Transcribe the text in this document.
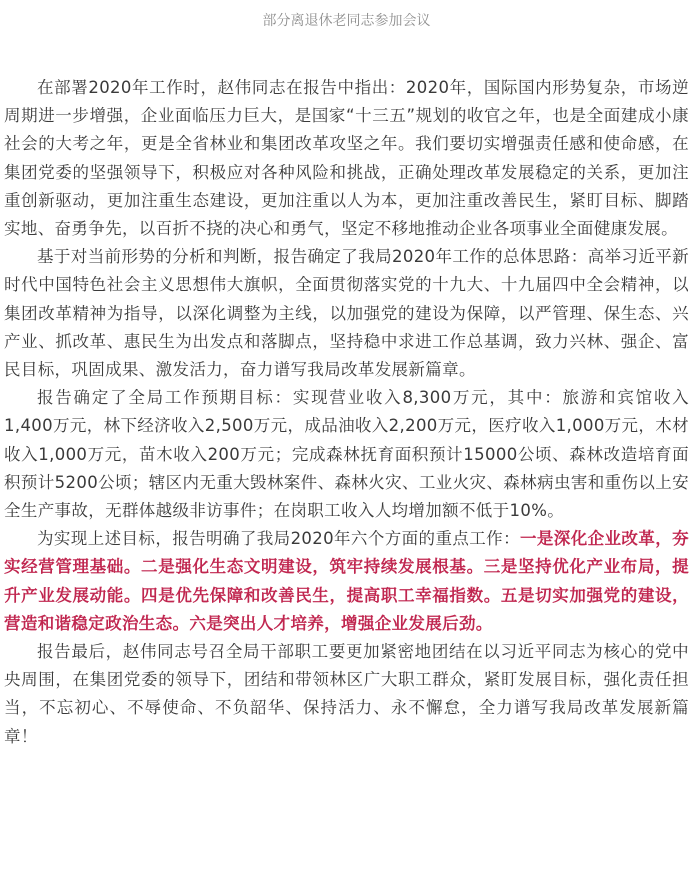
部分离退休老同志参加会议

在部署2020年工作时，赵伟同志在报告中指出：2020年，国际国内形势复杂，市场逆周期进一步增强，企业面临压力巨大，是国家“十三五”规划的收官之年，也是全面建成小康社会的大考之年，更是全省林业和集团改革攻坚之年。我们要切实增强责任感和使命感，在集团党委的坚强领导下，积极应对各种风险和挑战，正确处理改革发展稳定的关系，更加注重创新驱动，更加注重生态建设，更加注重以人为本，更加注重改善民生，紧盯目标、脚踏实地、奋勇争先，以百折不挠的决心和勇气，坚定不移地推动企业各项事业全面健康发展。

基于对当前形势的分析和判断，报告确定了我局2020年工作的总体思路：高举习近平新时代中国特色社会主义思想伟大旗帜，全面贯彻落实党的十九大、十九届四中全会精神，以集团改革精神为指导，以深化调整为主线，以加强党的建设为保障，以严管理、保生态、兴产业、抓改革、惠民生为出发点和落脚点，坚持稳中求进工作总基调，致力兴林、强企、富民目标，巩固成果、激发活力，奋力谱写我局改革发展新篇章。

报告确定了全局工作预期目标：实现营业收入8,300万元，其中：旅游和宾馆收入1,400万元，林下经济收入2,500万元，成品油收入2,200万元，医疗收入1,000万元，木材收入1,000万元，苗木收入200万元；完成森林抚育面积预计15000公顷、森林改造培育面积预计5200公顷；辖区内无重大毁林案件、森林火灾、工业火灾、森林病虫害和重伤以上安全生产事故，无群体越级非访事件；在岗职工收入人均增加额不低于10%。

为实现上述目标，报告明确了我局2020年六个方面的重点工作：一是深化企业改革，夯实经营管理基础。二是强化生态文明建设，筑牢持续发展根基。三是坚持优化产业布局，提升产业发展动能。四是优先保障和改善民生，提高职工幸福指数。五是切实加强党的建设，营造和谐稳定政治生态。六是突出人才培养，增强企业发展后劲。

报告最后，赵伟同志号召全局干部职工要更加紧密地团结在以习近平同志为核心的党中央周围，在集团党委的领导下，团结和带领林区广大职工群众，紧盯发展目标，强化责任担当，不忘初心、不辱使命、不负韶华、保持活力、永不懈怠，全力谱写我局改革发展新篇章！
